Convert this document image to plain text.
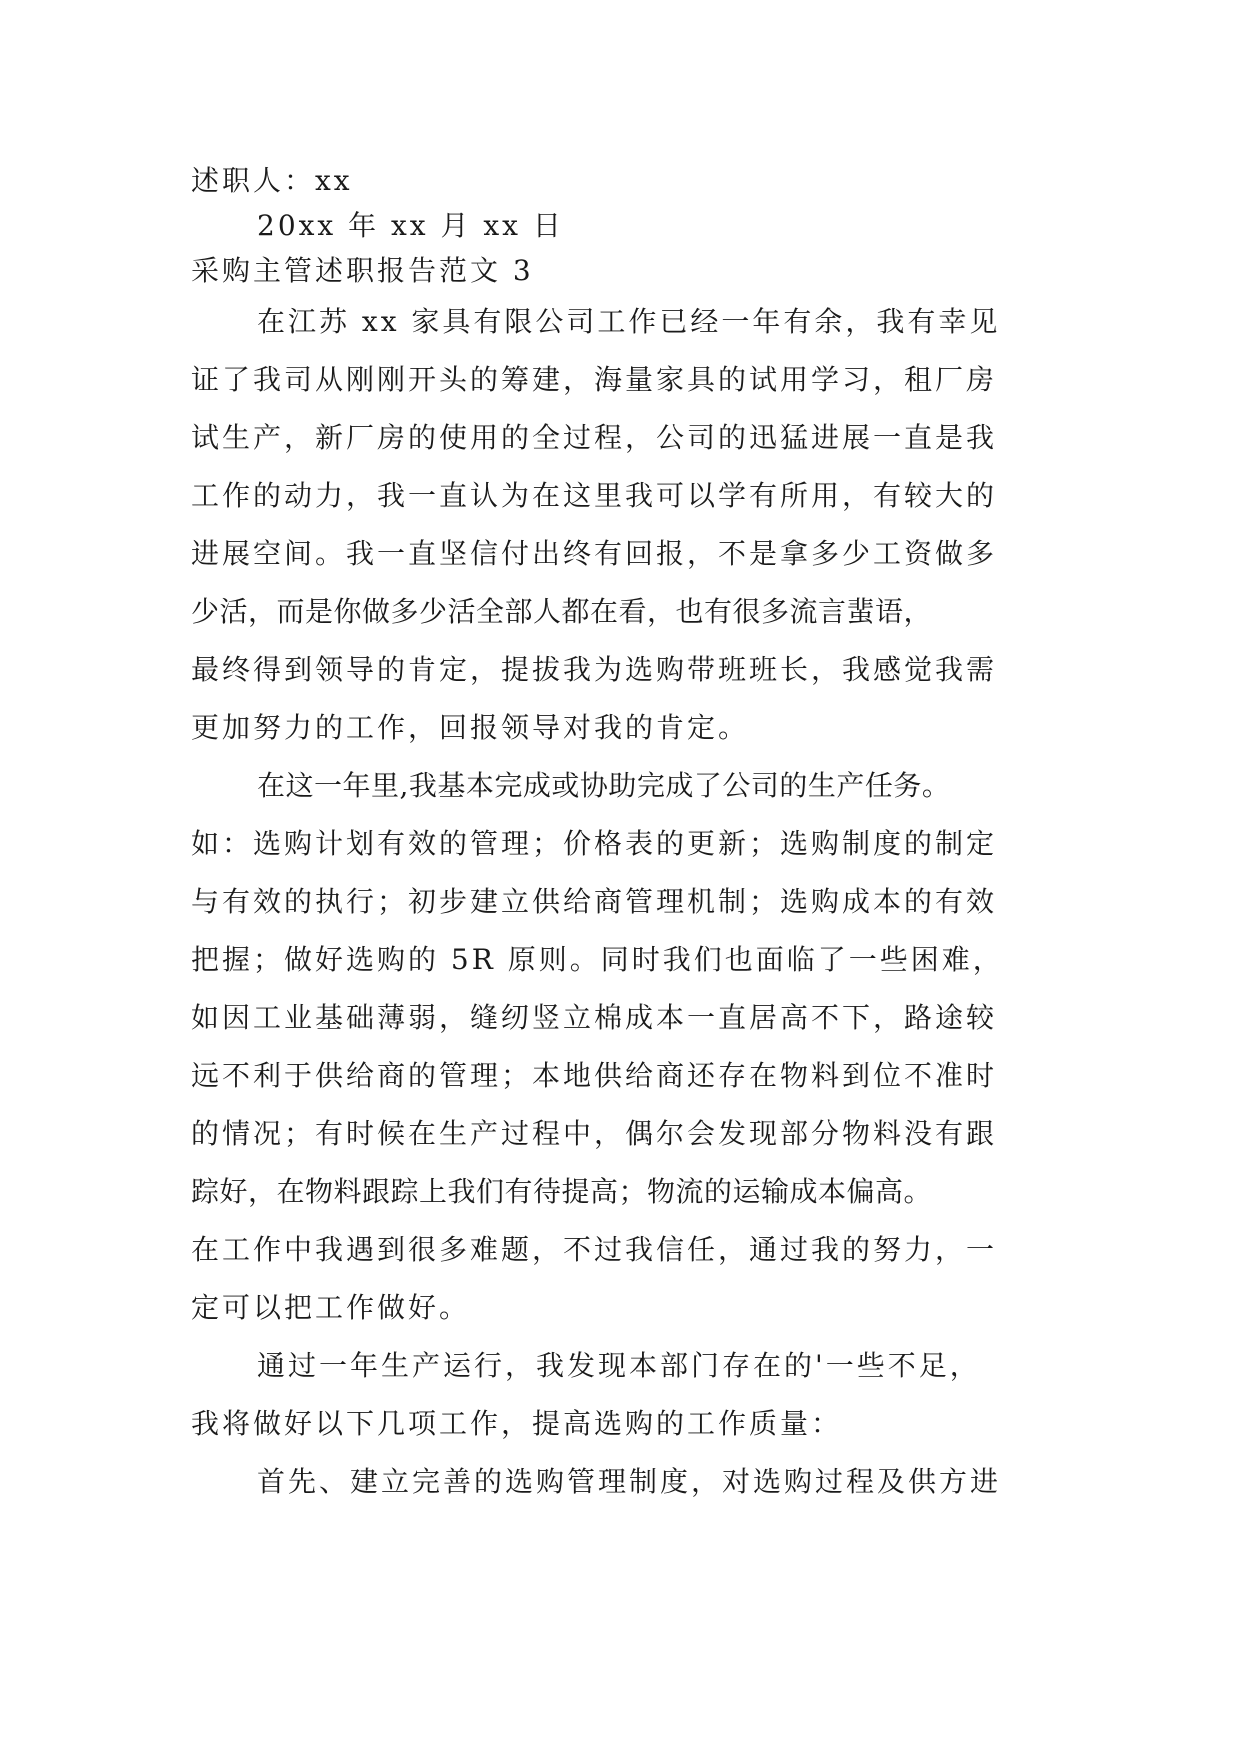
述职人：xx

20xx 年 xx 月 xx 日

采购主管述职报告范文 3

在江苏 xx 家具有限公司工作已经一年有余，我有幸见

证了我司从刚刚开头的筹建，海量家具的试用学习，租厂房

试生产，新厂房的使用的全过程，公司的迅猛进展一直是我

工作的动力，我一直认为在这里我可以学有所用，有较大的

进展空间。我一直坚信付出终有回报，不是拿多少工资做多

少活，而是你做多少活全部人都在看，也有很多流言蜚语，

最终得到领导的肯定，提拔我为选购带班班长，我感觉我需

更加努力的工作，回报领导对我的肯定。

在这一年里,我基本完成或协助完成了公司的生产任务。

如：选购计划有效的管理；价格表的更新；选购制度的制定

与有效的执行；初步建立供给商管理机制；选购成本的有效

把握；做好选购的 5R 原则。同时我们也面临了一些困难，

如因工业基础薄弱，缝纫竖立棉成本一直居高不下，路途较

远不利于供给商的管理；本地供给商还存在物料到位不准时

的情况；有时候在生产过程中，偶尔会发现部分物料没有跟

踪好，在物料跟踪上我们有待提高；物流的运输成本偏高。

在工作中我遇到很多难题，不过我信任，通过我的努力，一

定可以把工作做好。

通过一年生产运行，我发现本部门存在的'一些不足，

我将做好以下几项工作，提高选购的工作质量：

首先、建立完善的选购管理制度，对选购过程及供方进
